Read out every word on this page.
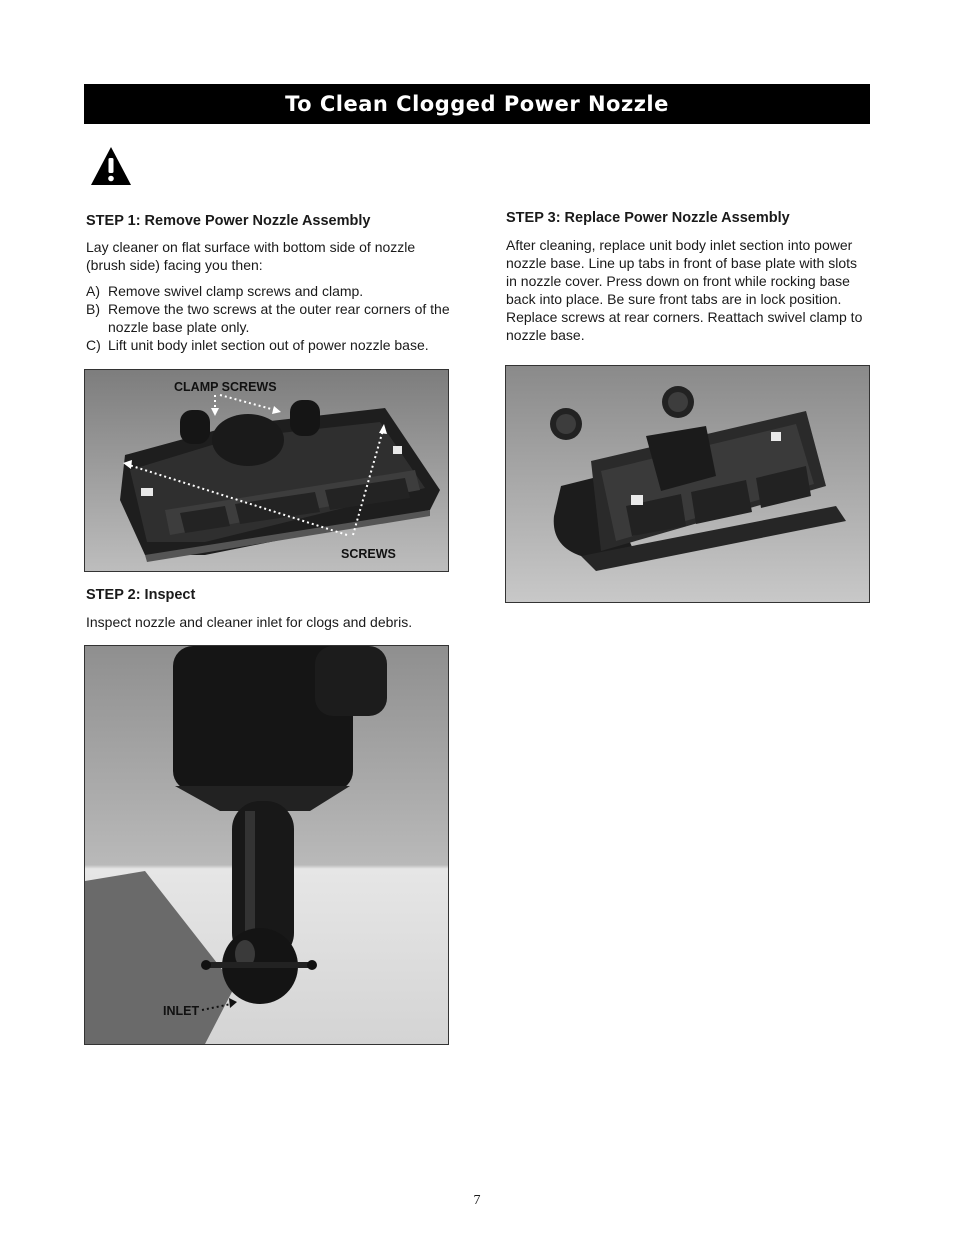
To Clean Clogged Power Nozzle
STEP 1: Remove Power Nozzle Assembly
Lay cleaner on flat surface with bottom side of nozzle
(brush side) facing you then:
A) Remove swivel clamp screws and clamp.
B) Remove the two screws at the outer rear corners of the
nozzle base plate only.
C) Lift unit body inlet section out of power nozzle base.
CLAMP SCREWS
SCREWS
STEP 2: Inspect
Inspect nozzle and cleaner inlet for clogs and debris.
INLET
STEP 3: Replace Power Nozzle Assembly
After cleaning, replace unit body inlet section into power
nozzle base. Line up tabs in front of base plate with slots
in nozzle cover. Press down on front while rocking base
back into place. Be sure front tabs are in lock position.
Replace screws at rear corners. Reattach swivel clamp to
nozzle base.
7
